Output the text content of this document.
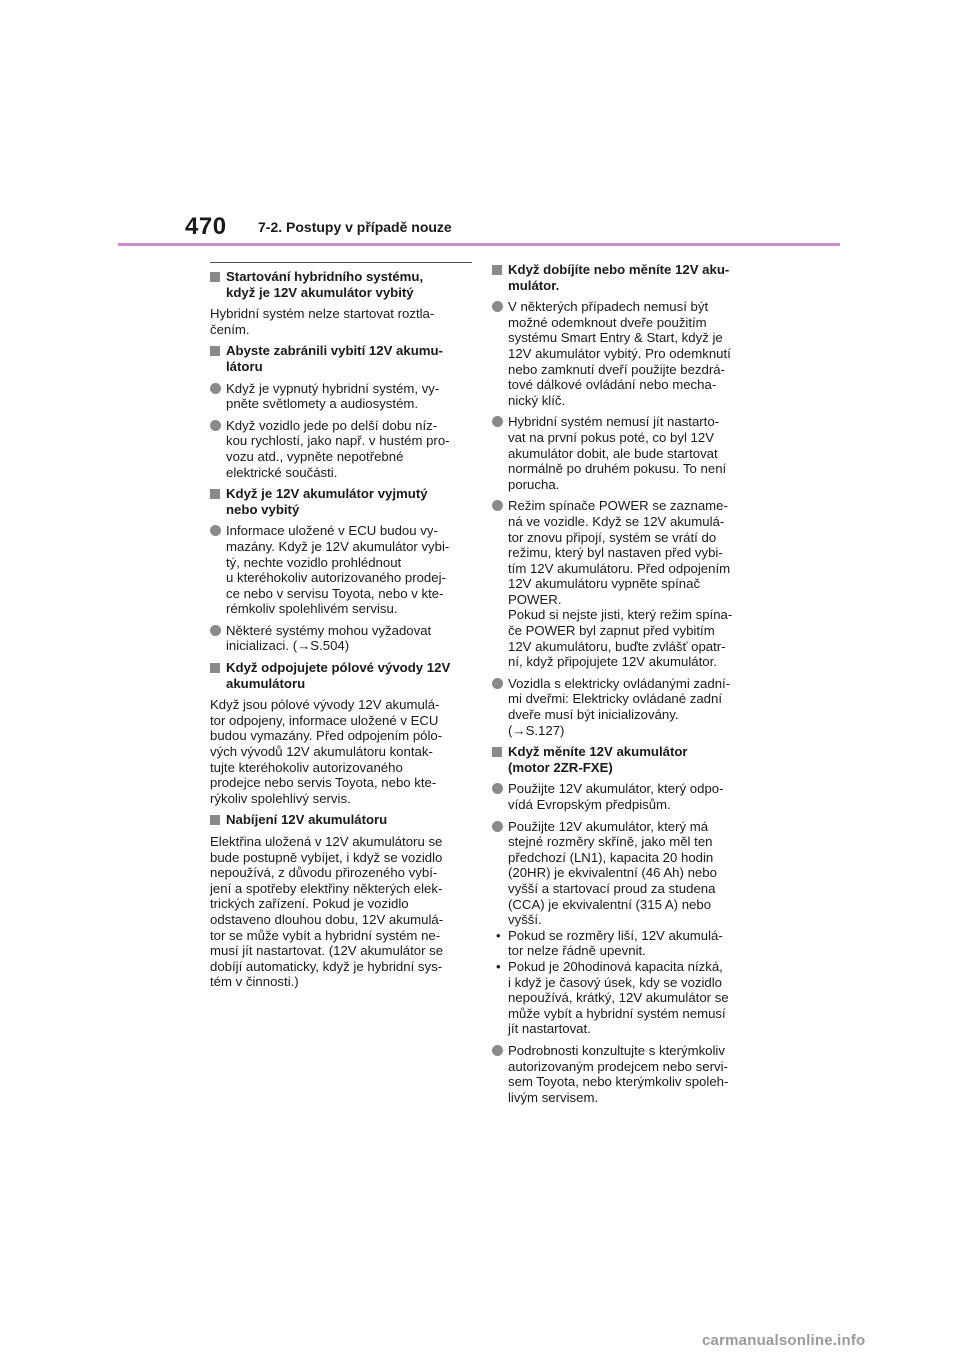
470 7-2. Postupy v případě nouze
Startování hybridního systému,
když je 12V akumulátor vybitý
Hybridní systém nelze startovat roztla-
čením.
Abyste zabránili vybití 12V akumu-
látoru
Když je vypnutý hybridní systém, vy-
pněte světlomety a audiosystém.
Když vozidlo jede po delší dobu níz-
kou rychlostí, jako např. v hustém pro-
vozu atd., vypněte nepotřebné
elektrické součásti.
Když je 12V akumulátor vyjmutý
nebo vybitý
Informace uložené v ECU budou vy-
mazány. Když je 12V akumulátor vybi-
tý, nechte vozidlo prohlédnout
u kteréhokoliv autorizovaného prodej-
ce nebo v servisu Toyota, nebo v kte-
rémkoliv spolehlivém servisu.
Některé systémy mohou vyžadovat
inicializaci. (→S.504)
Když odpojujete pólové vývody 12V
akumulátoru
Když jsou pólové vývody 12V akumulá-
tor odpojeny, informace uložené v ECU
budou vymazány. Před odpojením pólo-
vých vývodů 12V akumulátoru kontak-
tujte kteréhokoliv autorizovaného
prodejce nebo servis Toyota, nebo kte-
rýkoliv spolehlivý servis.
Nabíjení 12V akumulátoru
Elektřina uložená v 12V akumulátoru se
bude postupně vybíjet, i když se vozidlo
nepoužívá, z důvodu přirozeného vybí-
jení a spotřeby elektřiny některých elek-
trických zařízení. Pokud je vozidlo
odstaveno dlouhou dobu, 12V akumulá-
tor se může vybít a hybridní systém ne-
musí jít nastartovat. (12V akumulátor se
dobíjí automaticky, když je hybridní sys-
tém v činnosti.)
Když dobíjíte nebo měníte 12V aku-
mulátor.
V některých případech nemusí být
možné odemknout dveře použitím
systému Smart Entry & Start, když je
12V akumulátor vybitý. Pro odemknutí
nebo zamknutí dveří použijte bezdrá-
tové dálkové ovládání nebo mecha-
nický klíč.
Hybridní systém nemusí jít nastarto-
vat na první pokus poté, co byl 12V
akumulátor dobit, ale bude startovat
normálně po druhém pokusu. To není
porucha.
Režim spínače POWER se zazname-
ná ve vozidle. Když se 12V akumulá-
tor znovu připojí, systém se vrátí do
režimu, který byl nastaven před vybi-
tím 12V akumulátoru. Před odpojením
12V akumulátoru vypněte spínač
POWER.
Pokud si nejste jisti, který režim spína-
če POWER byl zapnut před vybitím
12V akumulátoru, buďte zvlášť opatr-
ní, když připojujete 12V akumulátor.
Vozidla s elektricky ovládanými zadní-
mi dveřmi: Elektricky ovládané zadní
dveře musí být inicializovány.
(→S.127)
Když měníte 12V akumulátor
(motor 2ZR-FXE)
Použijte 12V akumulátor, který odpo-
vídá Evropským předpisům.
Použijte 12V akumulátor, který má
stejné rozměry skříně, jako měl ten
předchozí (LN1), kapacita 20 hodin
(20HR) je ekvivalentní (46 Ah) nebo
vyšší a startovací proud za studena
(CCA) je ekvivalentní (315 A) nebo
vyšší.
• Pokud se rozměry liší, 12V akumulá-
tor nelze řádně upevnit.
• Pokud je 20hodinová kapacita nízká,
i když je časový úsek, kdy se vozidlo
nepoužívá, krátký, 12V akumulátor se
může vybít a hybridní systém nemusí
jít nastartovat.
Podrobnosti konzultujte s kterýmkoliv
autorizovaným prodejcem nebo servi-
sem Toyota, nebo kterýmkoliv spoleh-
livým servisem.
carmanualsonline.info
